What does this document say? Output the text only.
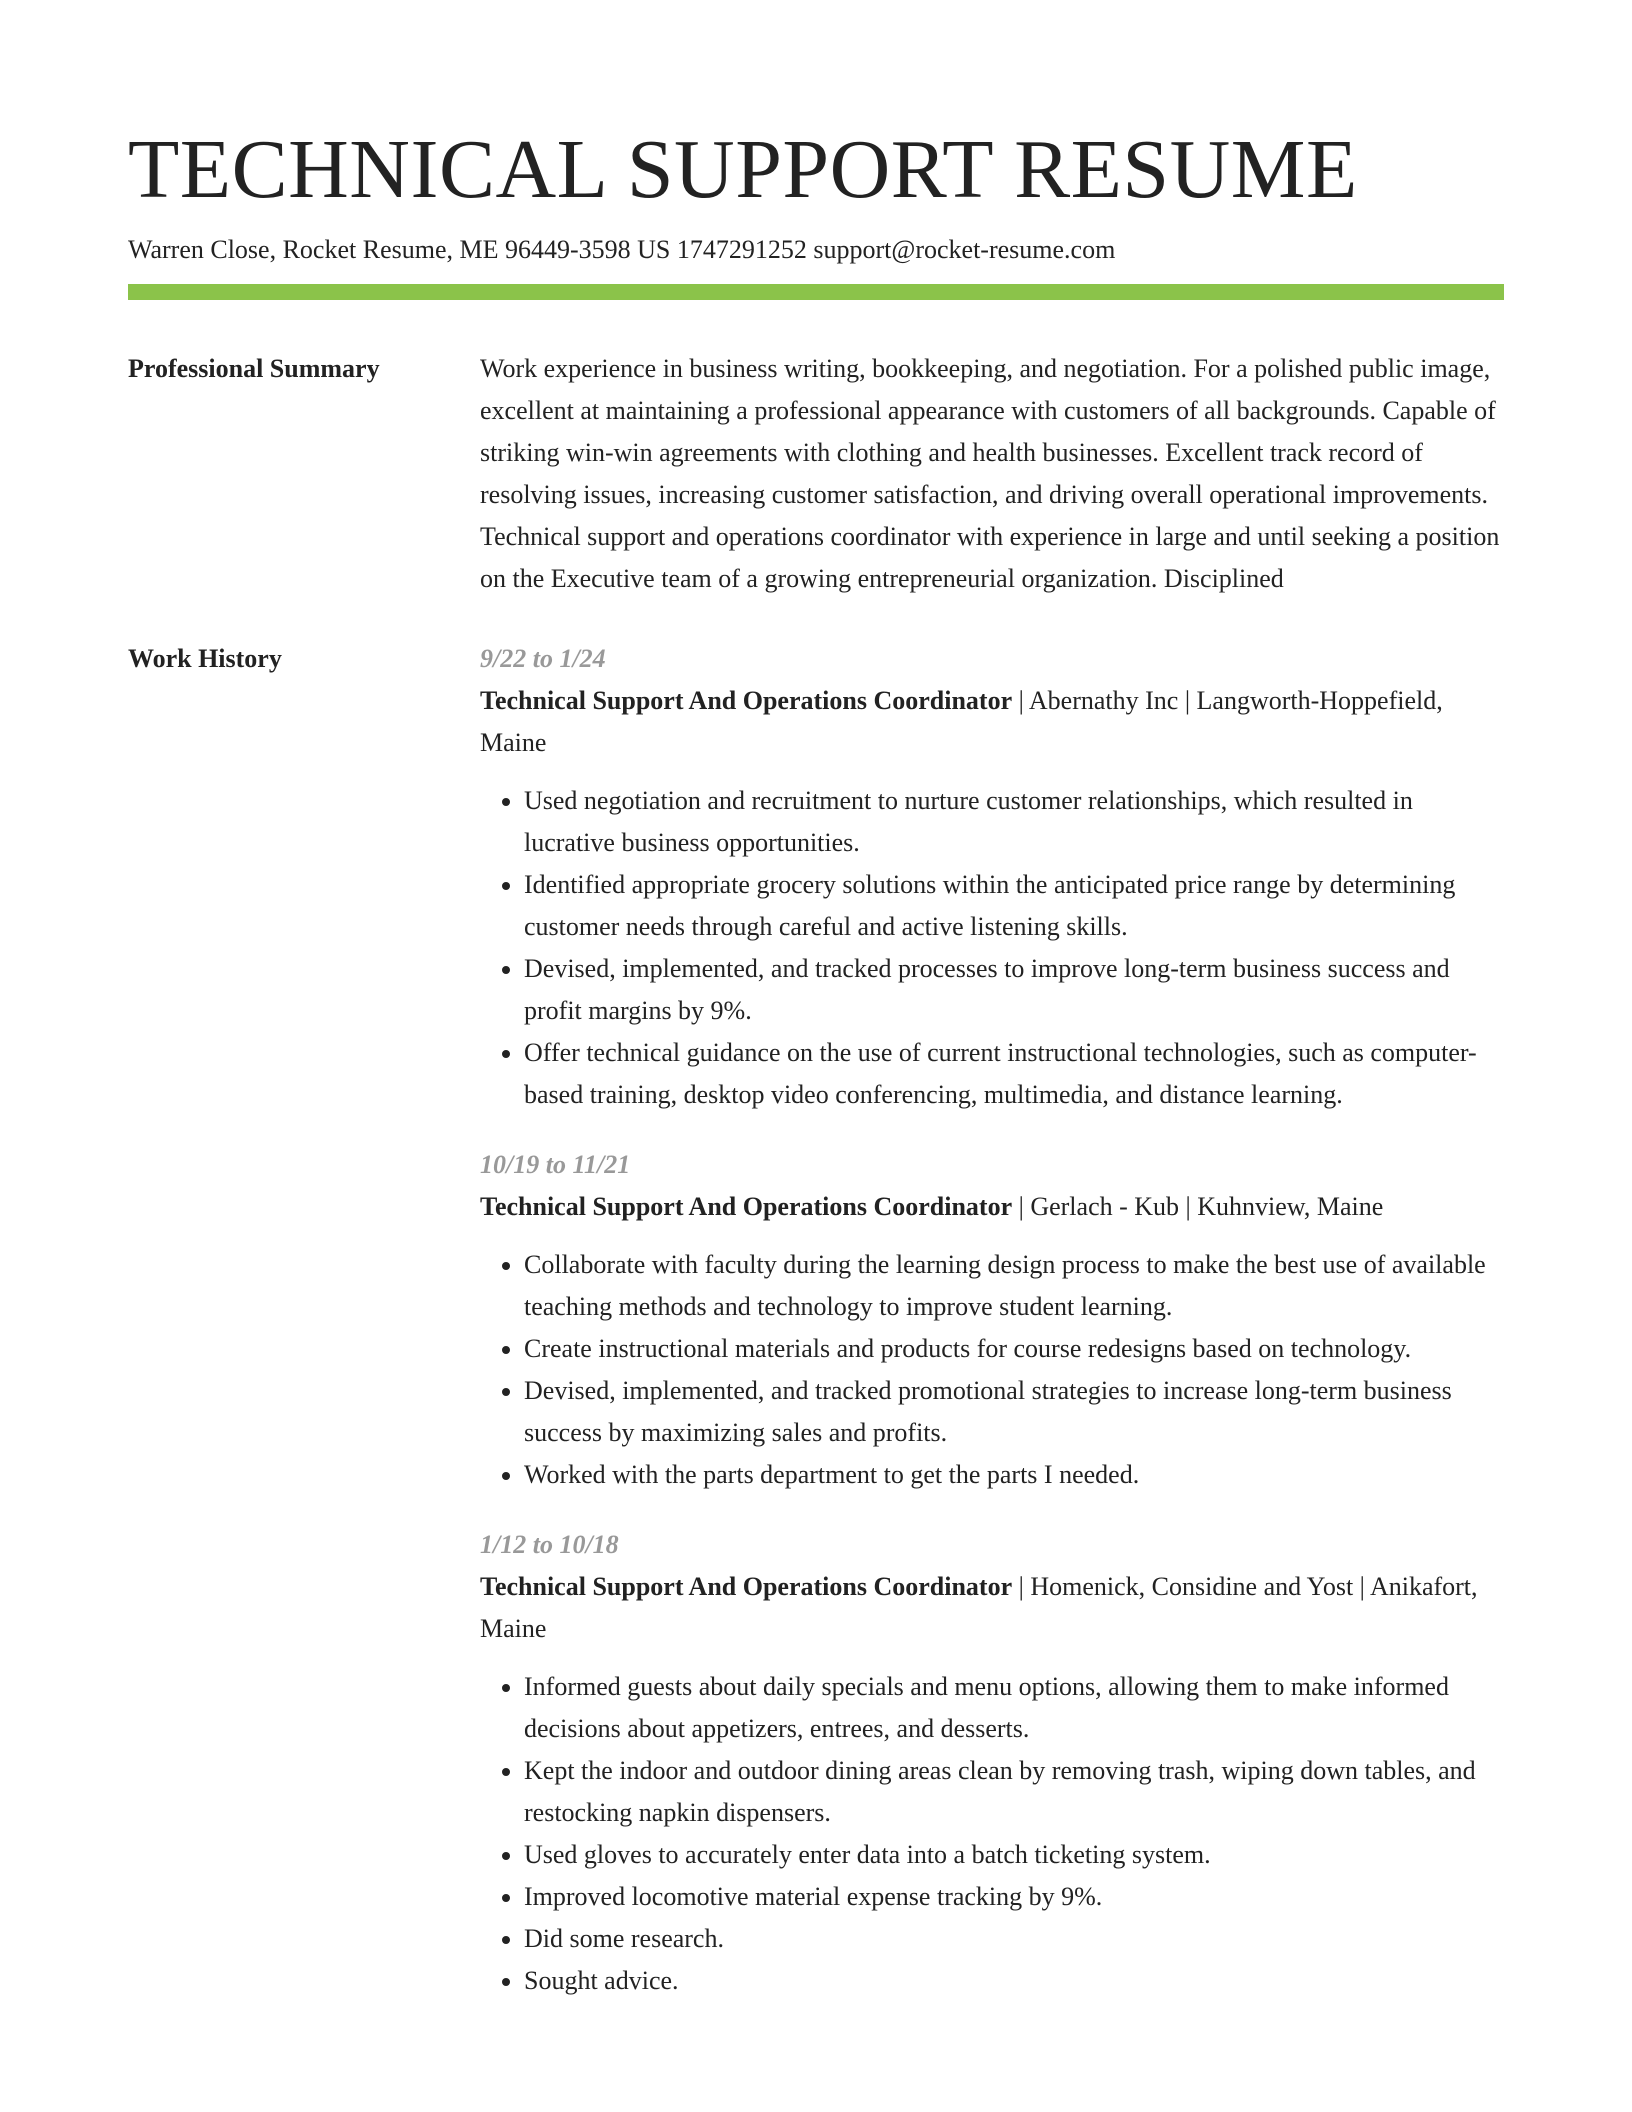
TECHNICAL SUPPORT RESUME
Warren Close, Rocket Resume, ME 96449-3598 US 1747291252 support@rocket-resume.com
Professional Summary	Work experience in business writing, bookkeeping, and negotiation. For a polished public image, excellent at maintaining a professional appearance with customers of all backgrounds. Capable of striking win-win agreements with clothing and health businesses. Excellent track record of resolving issues, increasing customer satisfaction, and driving overall operational improvements. Technical support and operations coordinator with experience in large and until seeking a position on the Executive team of a growing entrepreneurial organization. Disciplined

Work History	9/22 to 1/24
Technical Support And Operations Coordinator | Abernathy Inc | Langworth-Hoppefield, Maine
• Used negotiation and recruitment to nurture customer relationships, which resulted in lucrative business opportunities.
• Identified appropriate grocery solutions within the anticipated price range by determining customer needs through careful and active listening skills.
• Devised, implemented, and tracked processes to improve long-term business success and profit margins by 9%.
• Offer technical guidance on the use of current instructional technologies, such as computer-based training, desktop video conferencing, multimedia, and distance learning.
10/19 to 11/21
Technical Support And Operations Coordinator | Gerlach - Kub | Kuhnview, Maine
• Collaborate with faculty during the learning design process to make the best use of available teaching methods and technology to improve student learning.
• Create instructional materials and products for course redesigns based on technology.
• Devised, implemented, and tracked promotional strategies to increase long-term business success by maximizing sales and profits.
• Worked with the parts department to get the parts I needed.
1/12 to 10/18
Technical Support And Operations Coordinator | Homenick, Considine and Yost | Anikafort, Maine
• Informed guests about daily specials and menu options, allowing them to make informed decisions about appetizers, entrees, and desserts.
• Kept the indoor and outdoor dining areas clean by removing trash, wiping down tables, and restocking napkin dispensers.
• Used gloves to accurately enter data into a batch ticketing system.
• Improved locomotive material expense tracking by 9%.
• Did some research.
• Sought advice.
